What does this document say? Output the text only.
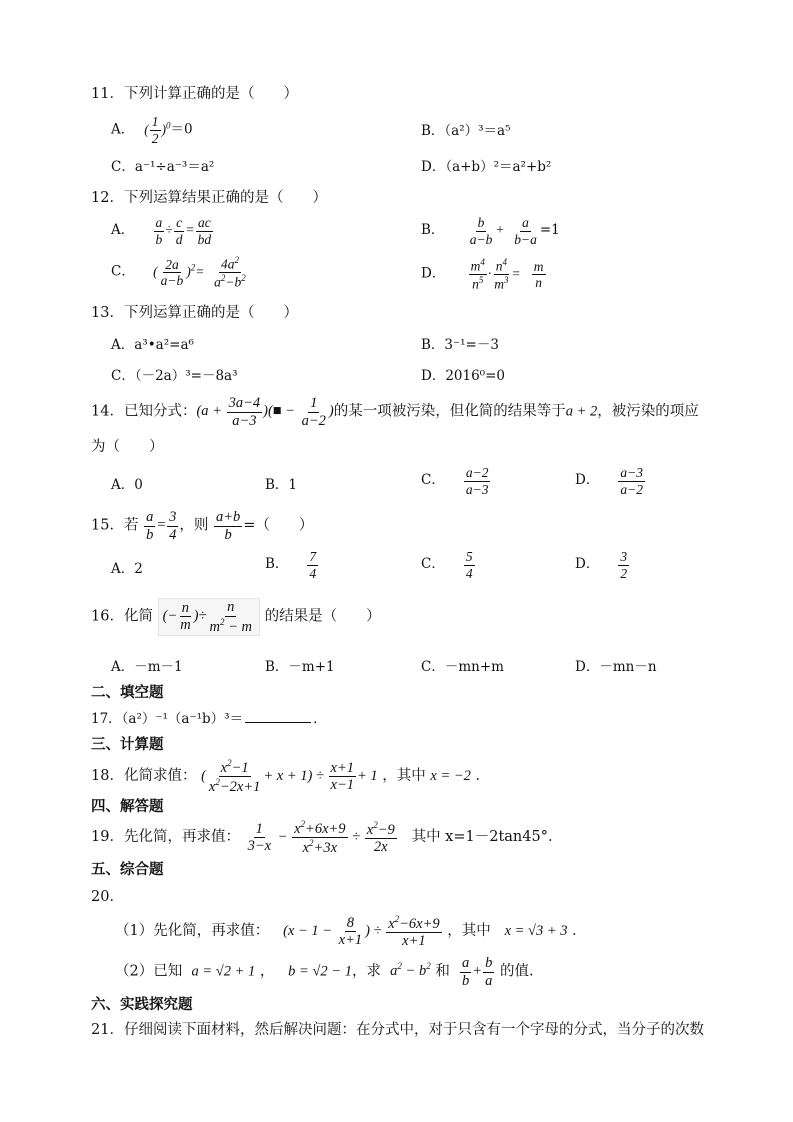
11．下列计算正确的是（　　）
A． ( $\frac{1}{2} )^0=0$	B．（a²）³＝a⁵
C．a⁻¹÷a⁻³＝a²	D．（a+b）²＝a²+b²
12．下列运算结果正确的是（　　）
A． $\frac{a}{b} \div \frac{c}{d} = \frac{ac}{bd}$	B． $\frac{b}{a-b} + \frac{a}{b-a} =1$
C． ( $\frac{2a}{a-b} )^2= \frac{4a^2}{a^2-b^2}$	D． $\frac{m^4}{n^5} \cdot \frac{n^4}{m^3} = \frac{m}{n}$
13．下列运算正确的是（　　）
A．a³•a²=a⁶	B．3⁻¹=－3
C．（－2a）³=－8a³	D．2016⁰=0
14．已知分式：($a + \frac{3a-4}{a-3}$ )(■ − $\frac{1}{a-2}$ )的某一项被污染，但化简的结果等于a + 2，被污染的项应
为（　　）
A．0	B．1	C． $\frac{a-2}{a-3}$	D． $\frac{a-3}{a-2}$
15．若 $\frac{a}{b} = \frac{3}{4}$ ，则 $\frac{a+b}{b}$ =（　　）
A．2	B． $\frac{7}{4}$	C． $\frac{5}{4}$	D． $\frac{3}{2}$
16．化简 (− $\frac{n}{m}$ )÷ $\frac{n}{m^2 - m}$ 的结果是（　　）
A．－m－1	B．－m+1	C．－mn+m	D．－mn－n
二、填空题
17．（a²）⁻¹（a⁻¹b）³＝	．
三、计算题
18．化简求值： ( $\frac{x^2-1}{x^2-2x+1} + x + 1) \div \frac{x+1}{x-1} + 1$ ，其中 x = −2 ．
四、解答题
19．先化简，再求值： $\frac{1}{3-x} - \frac{x^2+6x+9}{x^2+3x} \div \frac{x^2-9}{2x}$ 其中 x=1－2tan45°．
五、综合题
20．
（1）先化简，再求值： ($x - 1 - \frac{8}{x+1}$ ) ÷ $\frac{x^2-6x+9}{x+1}$ ，其中 x = √3 + 3 ．
（2）已知 a = √2 + 1 ， b = √2 − 1，求 $a^2 - b^2$ 和 $\frac{a}{b} + \frac{b}{a}$ 的值.
六、实践探究题
21．仔细阅读下面材料，然后解决问题：在分式中，对于只含有一个字母的分式，当分子的次数
